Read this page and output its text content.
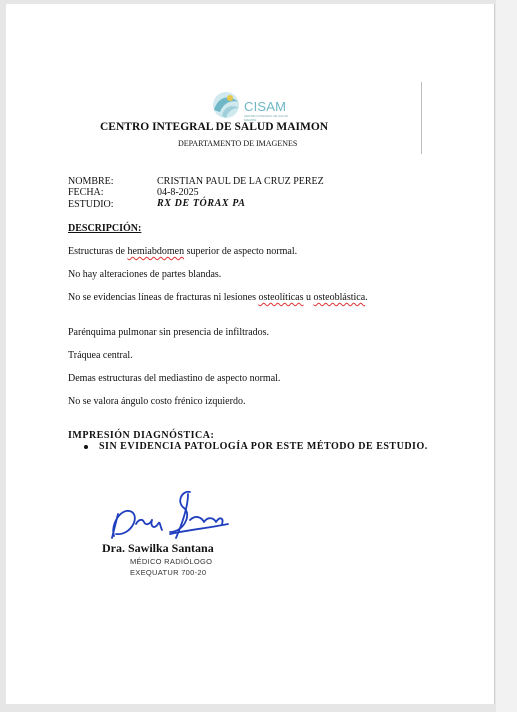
CISAM
CENTRO INTEGRAL DE SALUD MAIMON
CENTRO INTEGRAL DE SALUD MAIMON
DEPARTAMENTO DE IMAGENES
NOMBRE:	CRISTIAN PAUL DE LA CRUZ PEREZ
FECHA:	04-8-2025
ESTUDIO:	RX DE TÓRAX PA
DESCRIPCIÓN:
Estructuras de hemiabdomen superior de aspecto normal.
No hay alteraciones de partes blandas.
No se evidencias líneas de fracturas ni lesiones osteolíticas u osteoblástica.
Parénquima pulmonar sin presencia de infiltrados.
Tráquea central.
Demas estructuras del mediastino de aspecto normal.
No se valora ángulo costo frénico izquierdo.
IMPRESIÓN DIAGNÓSTICA:
SIN EVIDENCIA PATOLOGÍA POR ESTE MÉTODO DE ESTUDIO.
Dra. Sawilka Santana
MÉDICO RADIÓLOGO
EXEQUATUR 700-20
